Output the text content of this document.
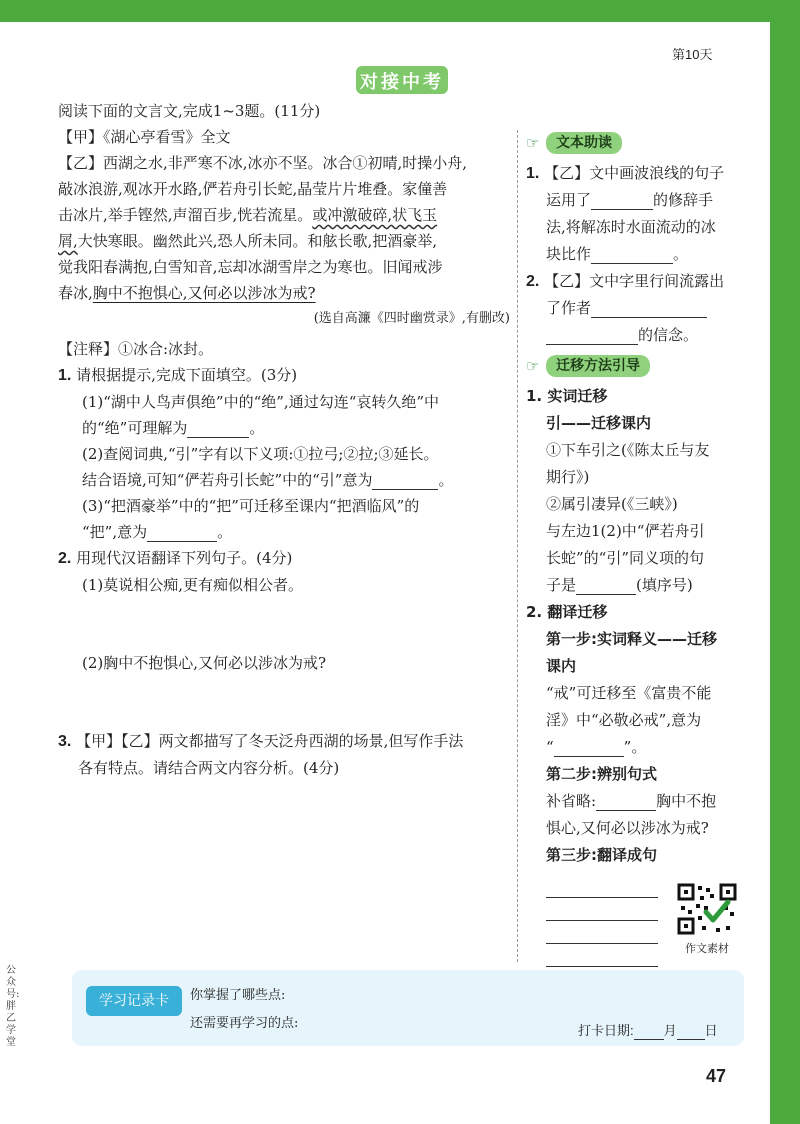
第10天
对接中考
阅读下面的文言文,完成1~3题。(11分)
【甲】《湖心亭看雪》全文
【乙】西湖之水,非严寒不冰,冰亦不坚。冰合①初晴,时操小舟,
敲冰浪游,观冰开水路,俨若舟引长蛇,晶莹片片堆叠。家僮善
击冰片,举手铿然,声溜百步,恍若流星。或冲激破碎,状飞玉
屑,大快寒眼。幽然此兴,恐人所未同。和舷长歌,把酒豪举,
觉我阳春满抱,白雪知音,忘却冰湖雪岸之为寒也。旧闻戒涉
春冰,胸中不抱惧心,又何必以涉冰为戒?
(选自高濂《四时幽赏录》,有删改)
【注释】①冰合:冰封。
1. 请根据提示,完成下面填空。(3分)
(1)“湖中人鸟声俱绝”中的“绝”,通过勾连“哀转久绝”中
的“绝”可理解为	。
(2)查阅词典,“引”字有以下义项:①拉弓;②拉;③延长。
结合语境,可知“俨若舟引长蛇”中的“引”意为	。
(3)“把酒豪举”中的“把”可迁移至课内“把酒临风”的
“把”,意为	。
2. 用现代汉语翻译下列句子。(4分)
(1)莫说相公痴,更有痴似相公者。
(2)胸中不抱惧心,又何必以涉冰为戒?
3. 【甲】【乙】两文都描写了冬天泛舟西湖的场景,但写作手法
各有特点。请结合两文内容分析。(4分)
☞	文本助读
1. 【乙】文中画波浪线的句子
运用了	的修辞手
法,将解冻时水面流动的冰
块比作	。
2. 【乙】文中字里行间流露出
了作者
的信念。
☞	迁移方法引导
1. 实词迁移
引——迁移课内
①下车引之(《陈太丘与友
期行》)
②属引凄异(《三峡》)
与左边1(2)中“俨若舟引
长蛇”的“引”同义项的句
子是	(填序号)
2. 翻译迁移
第一步:实词释义——迁移
课内
“戒”可迁移至《富贵不能
淫》中“必敬必戒”,意为
“	”。
第二步:辨别句式
补省略:	胸中不抱
惧心,又何必以涉冰为戒?
第三步:翻译成句
作文素材
学习记录卡	你掌握了哪些点:
还需要再学习的点:	打卡日期: 月 日
公众号:胖乙学堂
47
